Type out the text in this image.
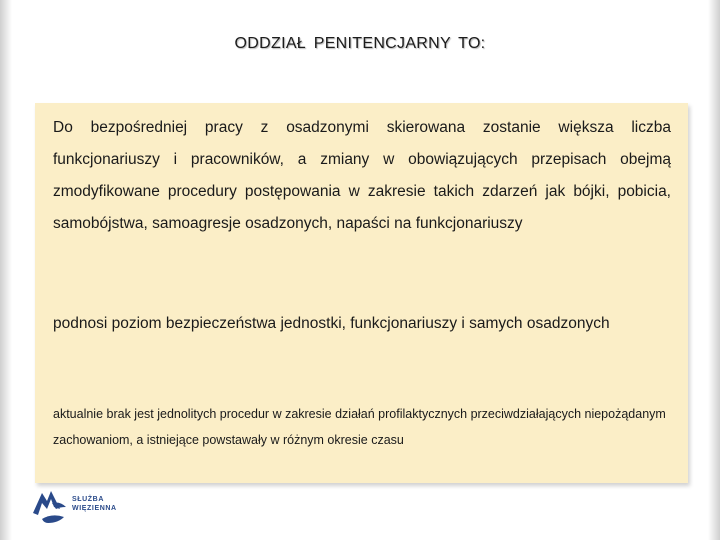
ODDZIAŁ PENITENCJARNY TO:

Do bezpośredniej pracy z osadzonymi skierowana zostanie większa liczba funkcjonariuszy i pracowników, a zmiany w obowiązujących przepisach obejmą zmodyfikowane procedury postępowania w zakresie takich zdarzeń jak bójki, pobicia, samobójstwa, samoagresje osadzonych, napaści na funkcjonariuszy

podnosi poziom bezpieczeństwa jednostki, funkcjonariuszy i samych osadzonych

aktualnie brak jest jednolitych procedur w zakresie działań profilaktycznych przeciwdziałających niepożądanym zachowaniom, a istniejące powstawały w różnym okresie czasu

SŁUŻBA
WIĘZIENNA
